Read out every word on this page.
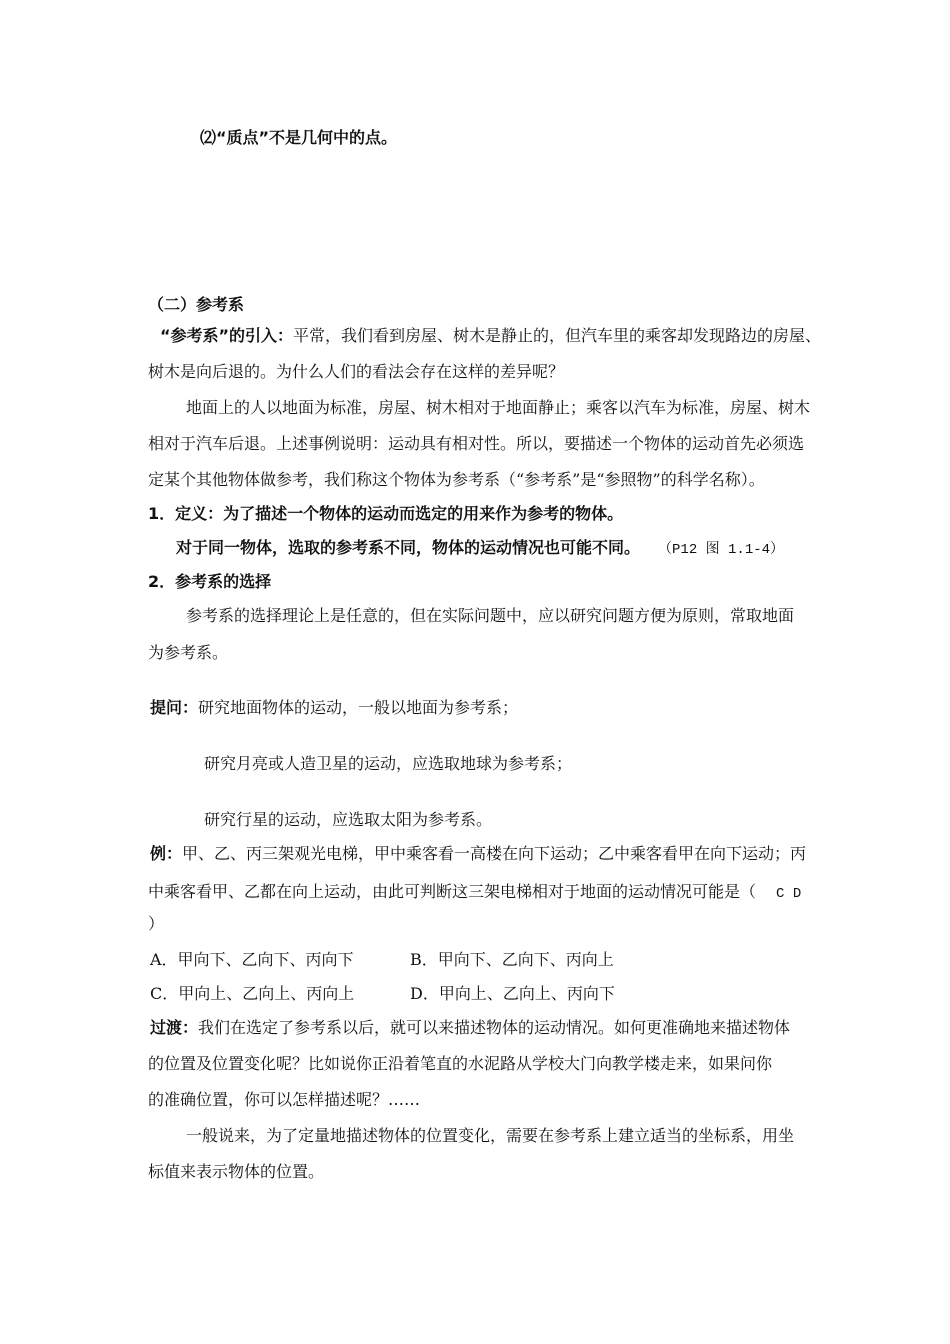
⑵“质点”不是几何中的点。
（二）参考系
“参考系”的引入：平常，我们看到房屋、树木是静止的，但汽车里的乘客却发现路边的房屋、
树木是向后退的。为什么人们的看法会存在这样的差异呢？
地面上的人以地面为标准，房屋、树木相对于地面静止；乘客以汽车为标准，房屋、树木
相对于汽车后退。上述事例说明：运动具有相对性。所以，要描述一个物体的运动首先必须选
定某个其他物体做参考，我们称这个物体为参考系（“参考系”是“参照物”的科学名称）。
1．定义：为了描述一个物体的运动而选定的用来作为参考的物体。
对于同一物体，选取的参考系不同，物体的运动情况也可能不同。 （P12 图 1.1-4）
2．参考系的选择
参考系的选择理论上是任意的，但在实际问题中，应以研究问题方便为原则，常取地面
为参考系。
提问：研究地面物体的运动，一般以地面为参考系；
研究月亮或人造卫星的运动，应选取地球为参考系；
研究行星的运动，应选取太阳为参考系。
例：甲、乙、丙三架观光电梯，甲中乘客看一高楼在向下运动；乙中乘客看甲在向下运动；丙
中乘客看甲、乙都在向上运动，由此可判断这三架电梯相对于地面的运动情况可能是（ C D
）
A．甲向下、乙向下、丙向下	B．甲向下、乙向下、丙向上
C．甲向上、乙向上、丙向上	D．甲向上、乙向上、丙向下
过渡：我们在选定了参考系以后，就可以来描述物体的运动情况。如何更准确地来描述物体
的位置及位置变化呢？比如说你正沿着笔直的水泥路从学校大门向教学楼走来，如果问你
的准确位置，你可以怎样描述呢？……
一般说来，为了定量地描述物体的位置变化，需要在参考系上建立适当的坐标系，用坐
标值来表示物体的位置。
